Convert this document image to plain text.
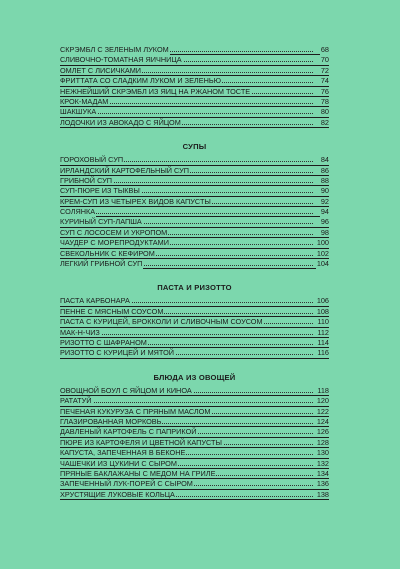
СКРЭМБЛ С ЗЕЛЕНЫМ ЛУКОМ	68
СЛИВОЧНО-ТОМАТНАЯ ЯИЧНИЦА	70
ОМЛЕТ С ЛИСИЧКАМИ	72
ФРИТТАТА СО СЛАДКИМ ЛУКОМ И ЗЕЛЕНЬЮ	74
НЕЖНЕЙШИЙ СКРЭМБЛ ИЗ ЯИЦ НА РЖАНОМ ТОСТЕ	76
КРОК-МАДАМ	78
ШАКШУКА	80
ЛОДОЧКИ ИЗ АВОКАДО С ЯЙЦОМ	82
СУПЫ
ГОРОХОВЫЙ СУП	84
ИРЛАНДСКИЙ КАРТОФЕЛЬНЫЙ СУП	86
ГРИБНОЙ СУП	88
СУП-ПЮРЕ ИЗ ТЫКВЫ	90
КРЕМ-СУП ИЗ ЧЕТЫРЕХ ВИДОВ КАПУСТЫ	92
СОЛЯНКА	94
КУРИНЫЙ СУП-ЛАПША	96
СУП С ЛОСОСЕМ И УКРОПОМ	98
ЧАУДЕР С МОРЕПРОДУКТАМИ	100
СВЕКОЛЬНИК С КЕФИРОМ	102
ЛЕГКИЙ ГРИБНОЙ СУП	104
ПАСТА И РИЗОТТО
ПАСТА КАРБОНАРА	106
ПЕННЕ С МЯСНЫМ СОУСОМ	108
ПАСТА С КУРИЦЕЙ, БРОККОЛИ И СЛИВОЧНЫМ СОУСОМ	110
МАК-Н-ЧИЗ	112
РИЗОТТО С ШАФРАНОМ	114
РИЗОТТО С КУРИЦЕЙ И МЯТОЙ	116
БЛЮДА ИЗ ОВОЩЕЙ
ОВОЩНОЙ БОУЛ С ЯЙЦОМ И КИНОА	118
РАТАТУЙ	120
ПЕЧЕНАЯ КУКУРУЗА С ПРЯНЫМ МАСЛОМ	122
ГЛАЗИРОВАННАЯ МОРКОВЬ	124
ДАВЛЕНЫЙ КАРТОФЕЛЬ С ПАПРИКОЙ	126
ПЮРЕ ИЗ КАРТОФЕЛЯ И ЦВЕТНОЙ КАПУСТЫ	128
КАПУСТА, ЗАПЕЧЕННАЯ В БЕКОНЕ	130
ЧАШЕЧКИ ИЗ ЦУКИНИ С СЫРОМ	132
ПРЯНЫЕ БАКЛАЖАНЫ С МЕДОМ НА ГРИЛЕ	134
ЗАПЕЧЕННЫЙ ЛУК-ПОРЕЙ С СЫРОМ	136
ХРУСТЯЩИЕ ЛУКОВЫЕ КОЛЬЦА	138
